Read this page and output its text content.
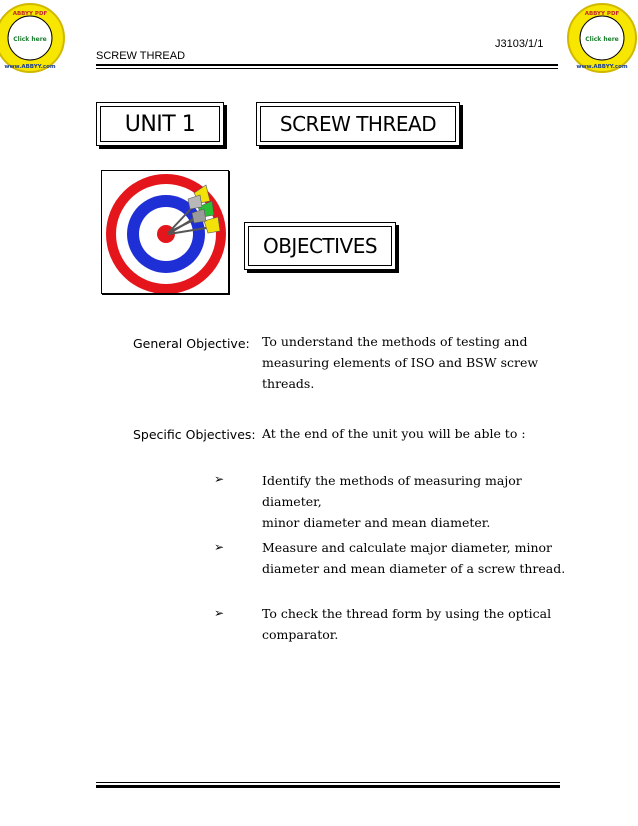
Click here
ABBYY PDF
www.ABBYY.com
Click here
ABBYY PDF
www.ABBYY.com
J3103/1/1
SCREW THREAD
UNIT 1	SCREW THREAD
OBJECTIVES
General Objective: To understand the methods of testing and
measuring elements of ISO and BSW screw
threads.
Specific Objectives: At the end of the unit you will be able to :
➢	Identify the methods of measuring major diameter,
minor diameter and mean diameter.
➢	Measure and calculate major diameter, minor
diameter and mean diameter of a screw thread.
➢	To check the thread form by using the optical
comparator.
